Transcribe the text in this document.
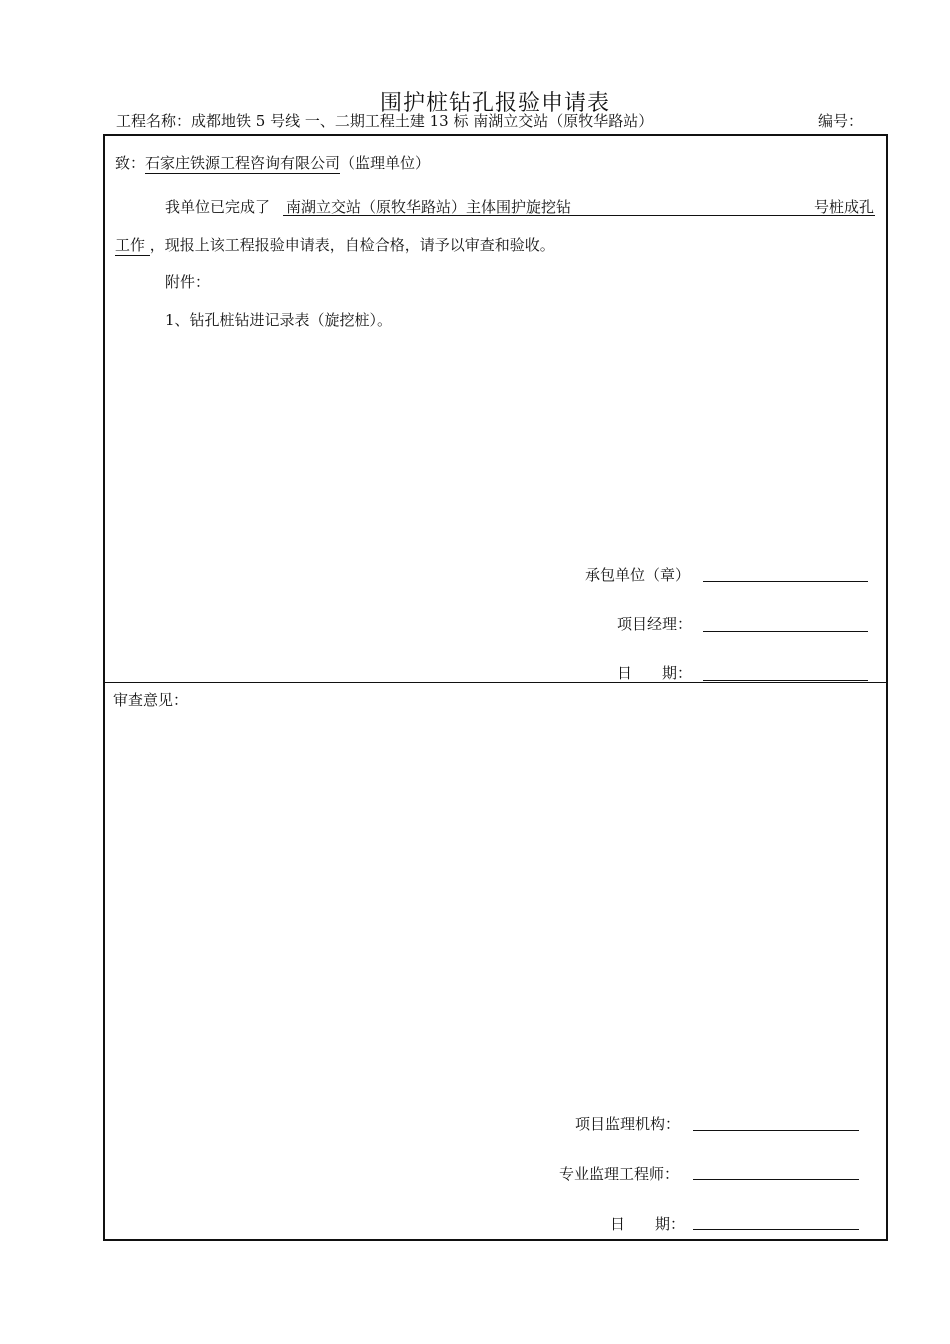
围护桩钻孔报验申请表
工程名称：成都地铁 5 号线 一、二期工程土建 13 标 南湖立交站（原牧华路站）	编号：
致：石家庄铁源工程咨询有限公司（监理单位）
我单位已完成了 南湖立交站（原牧华路站）主体围护旋挖钻	号桩成孔
工作 ，现报上该工程报验申请表，自检合格，请予以审查和验收。
附件：
1、钻孔桩钻进记录表（旋挖桩）。
承包单位（章）
项目经理：
日　　期：
审查意见：
项目监理机构：
专业监理工程师：
日　　期：
